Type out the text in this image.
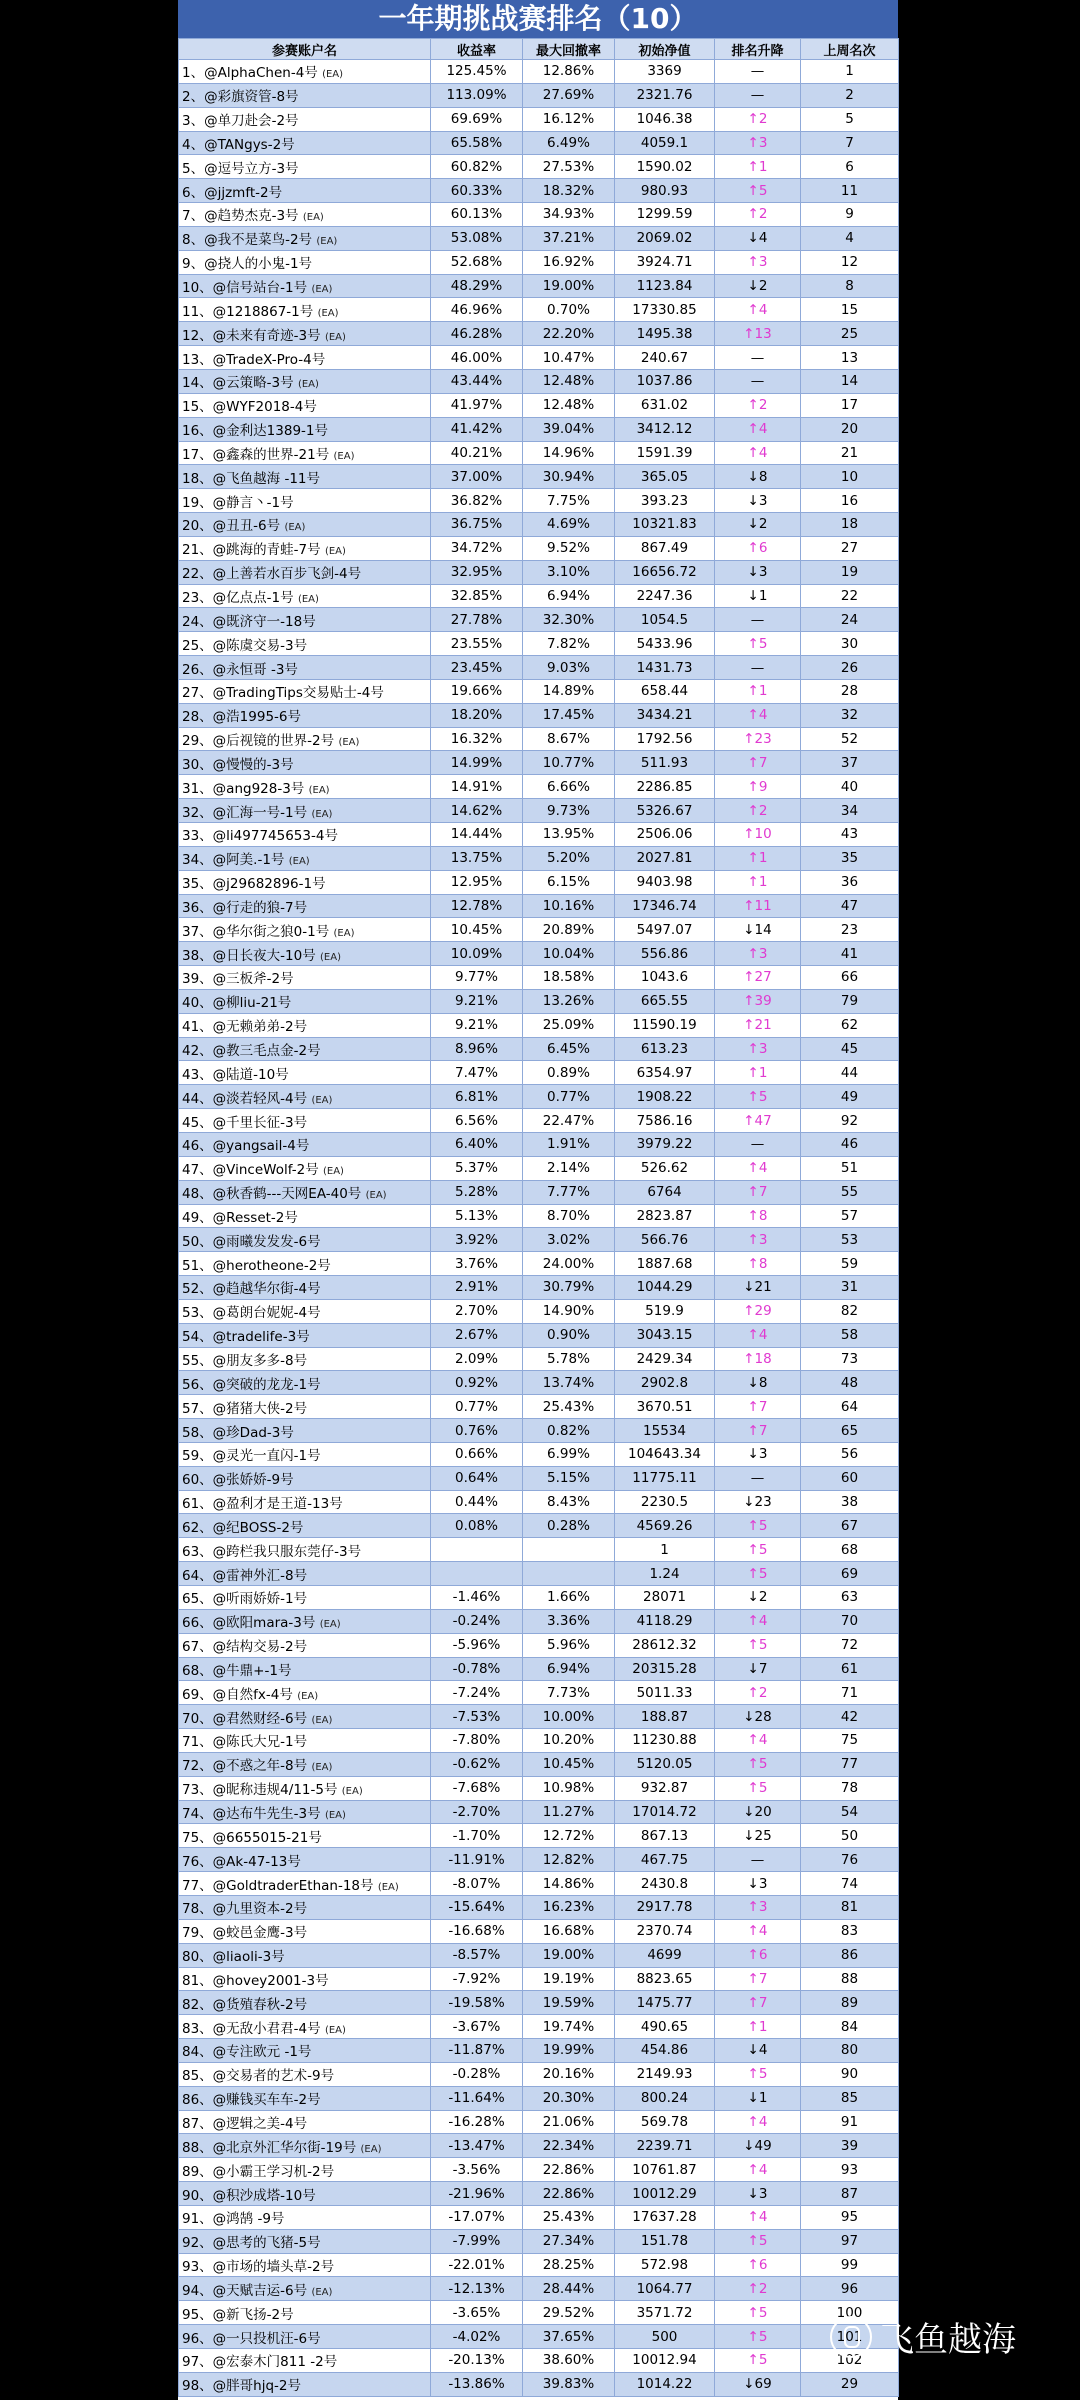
一年期挑战赛排名（10）
参赛账户名	收益率	最大回撤率	初始净值	排名升降	上周名次
1、@AlphaChen-4号 (EA)	125.45%	12.86%	3369	—	1
2、@彩旗资管-8号	113.09%	27.69%	2321.76	—	2
3、@单刀赴会-2号	69.69%	16.12%	1046.38	↑2	5
4、@TANgys-2号	65.58%	6.49%	4059.1	↑3	7
5、@逗号立方-3号	60.82%	27.53%	1590.02	↑1	6
6、@jjzmft-2号	60.33%	18.32%	980.93	↑5	11
7、@趋势杰克-3号 (EA)	60.13%	34.93%	1299.59	↑2	9
8、@我不是菜鸟-2号 (EA)	53.08%	37.21%	2069.02	↓4	4
9、@挠人的小鬼-1号	52.68%	16.92%	3924.71	↑3	12
10、@信号站台-1号 (EA)	48.29%	19.00%	1123.84	↓2	8
11、@1218867-1号 (EA)	46.96%	0.70%	17330.85	↑4	15
12、@未来有奇迹-3号 (EA)	46.28%	22.20%	1495.38	↑13	25
13、@TradeX-Pro-4号	46.00%	10.47%	240.67	—	13
14、@云策略-3号 (EA)	43.44%	12.48%	1037.86	—	14
15、@WYF2018-4号	41.97%	12.48%	631.02	↑2	17
16、@金利达1389-1号	41.42%	39.04%	3412.12	↑4	20
17、@鑫森的世界-21号 (EA)	40.21%	14.96%	1591.39	↑4	21
18、@飞鱼越海 -11号	37.00%	30.94%	365.05	↓8	10
19、@静言丶-1号	36.82%	7.75%	393.23	↓3	16
20、@丑丑-6号 (EA)	36.75%	4.69%	10321.83	↓2	18
21、@跳海的青蛙-7号 (EA)	34.72%	9.52%	867.49	↑6	27
22、@上善若水百步飞剑-4号	32.95%	3.10%	16656.72	↓3	19
23、@亿点点-1号 (EA)	32.85%	6.94%	2247.36	↓1	22
24、@既济守一-18号	27.78%	32.30%	1054.5	—	24
25、@陈虞交易-3号	23.55%	7.82%	5433.96	↑5	30
26、@永恒哥 -3号	23.45%	9.03%	1431.73	—	26
27、@TradingTips交易贴士-4号	19.66%	14.89%	658.44	↑1	28
28、@浩1995-6号	18.20%	17.45%	3434.21	↑4	32
29、@后视镜的世界-2号 (EA)	16.32%	8.67%	1792.56	↑23	52
30、@慢慢的-3号	14.99%	10.77%	511.93	↑7	37
31、@ang928-3号 (EA)	14.91%	6.66%	2286.85	↑9	40
32、@汇海一号-1号 (EA)	14.62%	9.73%	5326.67	↑2	34
33、@li497745653-4号	14.44%	13.95%	2506.06	↑10	43
34、@阿美.-1号 (EA)	13.75%	5.20%	2027.81	↑1	35
35、@j29682896-1号	12.95%	6.15%	9403.98	↑1	36
36、@行走的狼-7号	12.78%	10.16%	17346.74	↑11	47
37、@华尔街之狼0-1号 (EA)	10.45%	20.89%	5497.07	↓14	23
38、@日长夜大-10号 (EA)	10.09%	10.04%	556.86	↑3	41
39、@三板斧-2号	9.77%	18.58%	1043.6	↑27	66
40、@柳liu-21号	9.21%	13.26%	665.55	↑39	79
41、@无赖弟弟-2号	9.21%	25.09%	11590.19	↑21	62
42、@教三毛点金-2号	8.96%	6.45%	613.23	↑3	45
43、@陆道-10号	7.47%	0.89%	6354.97	↑1	44
44、@淡若轻风-4号 (EA)	6.81%	0.77%	1908.22	↑5	49
45、@千里长征-3号	6.56%	22.47%	7586.16	↑47	92
46、@yangsail-4号	6.40%	1.91%	3979.22	—	46
47、@VinceWolf-2号 (EA)	5.37%	2.14%	526.62	↑4	51
48、@秋香鹤---天网EA-40号 (EA)	5.28%	7.77%	6764	↑7	55
49、@Resset-2号	5.13%	8.70%	2823.87	↑8	57
50、@雨曦发发发-6号	3.92%	3.02%	566.76	↑3	53
51、@herotheone-2号	3.76%	24.00%	1887.68	↑8	59
52、@趋越华尔街-4号	2.91%	30.79%	1044.29	↓21	31
53、@葛朗台妮妮-4号	2.70%	14.90%	519.9	↑29	82
54、@tradelife-3号	2.67%	0.90%	3043.15	↑4	58
55、@朋友多多-8号	2.09%	5.78%	2429.34	↑18	73
56、@突破的龙龙-1号	0.92%	13.74%	2902.8	↓8	48
57、@猪猪大侠-2号	0.77%	25.43%	3670.51	↑7	64
58、@珍Dad-3号	0.76%	0.82%	15534	↑7	65
59、@灵光一直闪-1号	0.66%	6.99%	104643.34	↓3	56
60、@张娇娇-9号	0.64%	5.15%	11775.11	—	60
61、@盈利才是王道-13号	0.44%	8.43%	2230.5	↓23	38
62、@纪BOSS-2号	0.08%	0.28%	4569.26	↑5	67
63、@跨栏我只服东莞仔-3号			1	↑5	68
64、@雷神外汇-8号			1.24	↑5	69
65、@听雨娇娇-1号	-1.46%	1.66%	28071	↓2	63
66、@欧阳mara-3号 (EA)	-0.24%	3.36%	4118.29	↑4	70
67、@结构交易-2号	-5.96%	5.96%	28612.32	↑5	72
68、@牛鼎+-1号	-0.78%	6.94%	20315.28	↓7	61
69、@自然fx-4号 (EA)	-7.24%	7.73%	5011.33	↑2	71
70、@君然财经-6号 (EA)	-7.53%	10.00%	188.87	↓28	42
71、@陈氏大兄-1号	-7.80%	10.20%	11230.88	↑4	75
72、@不惑之年-8号 (EA)	-0.62%	10.45%	5120.05	↑5	77
73、@昵称违规4/11-5号 (EA)	-7.68%	10.98%	932.87	↑5	78
74、@达布牛先生-3号 (EA)	-2.70%	11.27%	17014.72	↓20	54
75、@6655015-21号	-1.70%	12.72%	867.13	↓25	50
76、@Ak-47-13号	-11.91%	12.82%	467.75	—	76
77、@GoldtraderEthan-18号 (EA)	-8.07%	14.86%	2430.8	↓3	74
78、@九里资本-2号	-15.64%	16.23%	2917.78	↑3	81
79、@蛟邑金鹰-3号	-16.68%	16.68%	2370.74	↑4	83
80、@liaoli-3号	-8.57%	19.00%	4699	↑6	86
81、@hovey2001-3号	-7.92%	19.19%	8823.65	↑7	88
82、@货殖春秋-2号	-19.58%	19.59%	1475.77	↑7	89
83、@无敌小君君-4号 (EA)	-3.67%	19.74%	490.65	↑1	84
84、@专注欧元 -1号	-11.87%	19.99%	454.86	↓4	80
85、@交易者的艺术-9号	-0.28%	20.16%	2149.93	↑5	90
86、@赚钱买车车-2号	-11.64%	20.30%	800.24	↓1	85
87、@逻辑之美-4号	-16.28%	21.06%	569.78	↑4	91
88、@北京外汇华尔街-19号 (EA)	-13.47%	22.34%	2239.71	↓49	39
89、@小霸王学习机-2号	-3.56%	22.86%	10761.87	↑4	93
90、@积沙成塔-10号	-21.96%	22.86%	10012.29	↓3	87
91、@鸿鹄 -9号	-17.07%	25.43%	17637.28	↑4	95
92、@思考的飞猪-5号	-7.99%	27.34%	151.78	↑5	97
93、@市场的墙头草-2号	-22.01%	28.25%	572.98	↑6	99
94、@天赋吉运-6号 (EA)	-12.13%	28.44%	1064.77	↑2	96
95、@新飞扬-2号	-3.65%	29.52%	3571.72	↑5	100
96、@一只投机汪-6号	-4.02%	37.65%	500	↑5	101
97、@宏泰木门811 -2号	-20.13%	38.60%	10012.94	↑5	102
98、@胖哥hjq-2号	-13.86%	39.83%	1014.22	↓69	29
飞鱼越海
